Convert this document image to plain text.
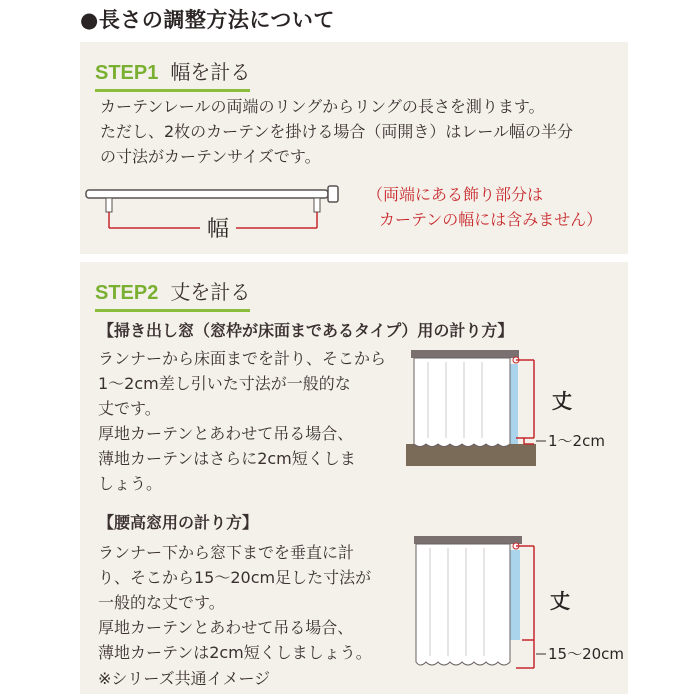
●長さの調整方法について
STEP1 幅を計る
カーテンレールの両端のリングからリングの長さを測ります。
ただし、2枚のカーテンを掛ける場合（両開き）はレール幅の半分
の寸法がカーテンサイズです。
幅
（両端にある飾り部分は
カーテンの幅には含みません）
STEP2 丈を計る
【掃き出し窓（窓枠が床面まであるタイプ）用の計り方】
ランナーから床面までを計り、そこから
1～2cm差し引いた寸法が一般的な
丈です。
厚地カーテンとあわせて吊る場合、
薄地カーテンはさらに2cm短くしま
しょう。
丈
1～2cm
【腰高窓用の計り方】
ランナー下から窓下までを垂直に計
り、そこから15～20cm足した寸法が
一般的な丈です。
厚地カーテンとあわせて吊る場合、
薄地カーテンは2cm短くしましょう。
※シリーズ共通イメージ
丈
15～20cm
